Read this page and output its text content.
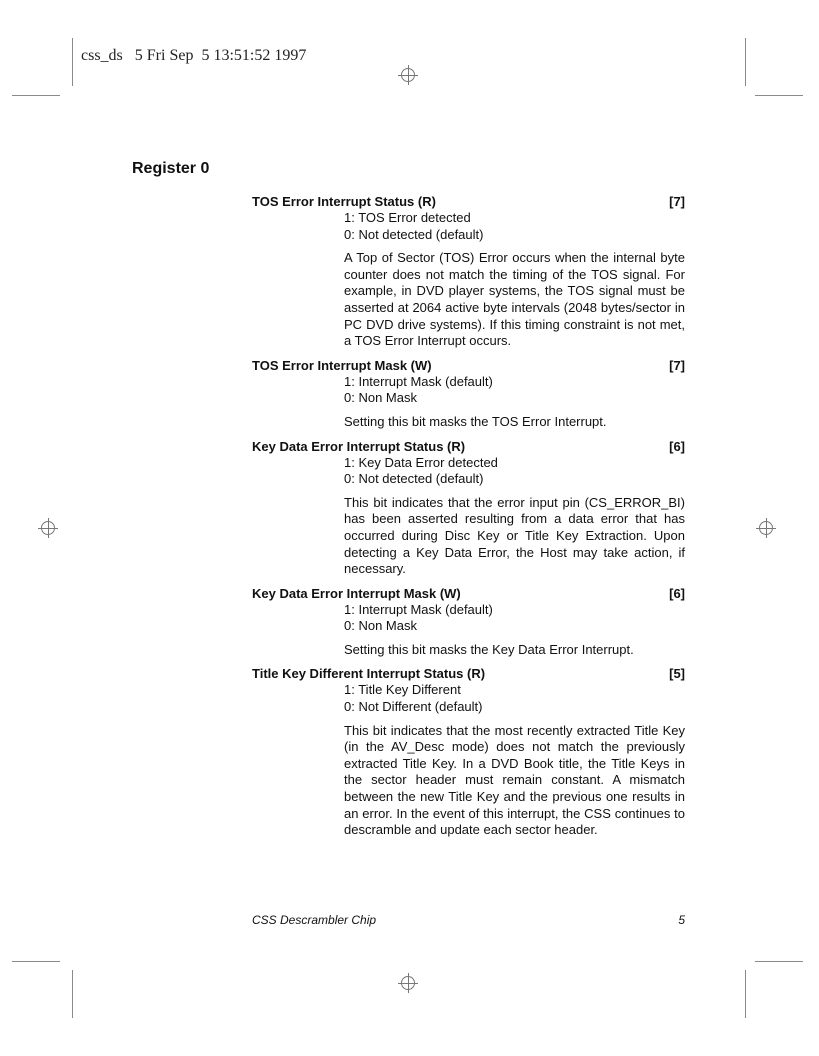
css_ds   5 Fri Sep  5 13:51:52 1997
Register 0
TOS Error Interrupt Status (R)	[7]
1: TOS Error detected
0: Not detected (default)

A Top of Sector (TOS) Error occurs when the internal byte counter does not match the timing of the TOS signal. For example, in DVD player systems, the TOS signal must be asserted at 2064 active byte intervals (2048 bytes/sector in PC DVD drive systems). If this timing constraint is not met, a TOS Error Interrupt occurs.

TOS Error Interrupt Mask (W)	[7]
1: Interrupt Mask (default)
0: Non Mask

Setting this bit masks the TOS Error Interrupt.

Key Data Error Interrupt Status (R)	[6]
1: Key Data Error detected
0: Not detected (default)

This bit indicates that the error input pin (CS_ERROR_BI) has been asserted resulting from a data error that has occurred during Disc Key or Title Key Extraction. Upon detecting a Key Data Error, the Host may take action, if necessary.

Key Data Error Interrupt Mask (W)	[6]
1: Interrupt Mask (default)
0: Non Mask

Setting this bit masks the Key Data Error Interrupt.

Title Key Different Interrupt Status (R)	[5]
1: Title Key Different
0: Not Different (default)

This bit indicates that the most recently extracted Title Key (in the AV_Desc mode) does not match the previously extracted Title Key. In a DVD Book title, the Title Keys in the sector header must remain constant. A mismatch between the new Title Key and the previous one results in an error. In the event of this interrupt, the CSS continues to descramble and update each sector header.

CSS Descrambler Chip	5
